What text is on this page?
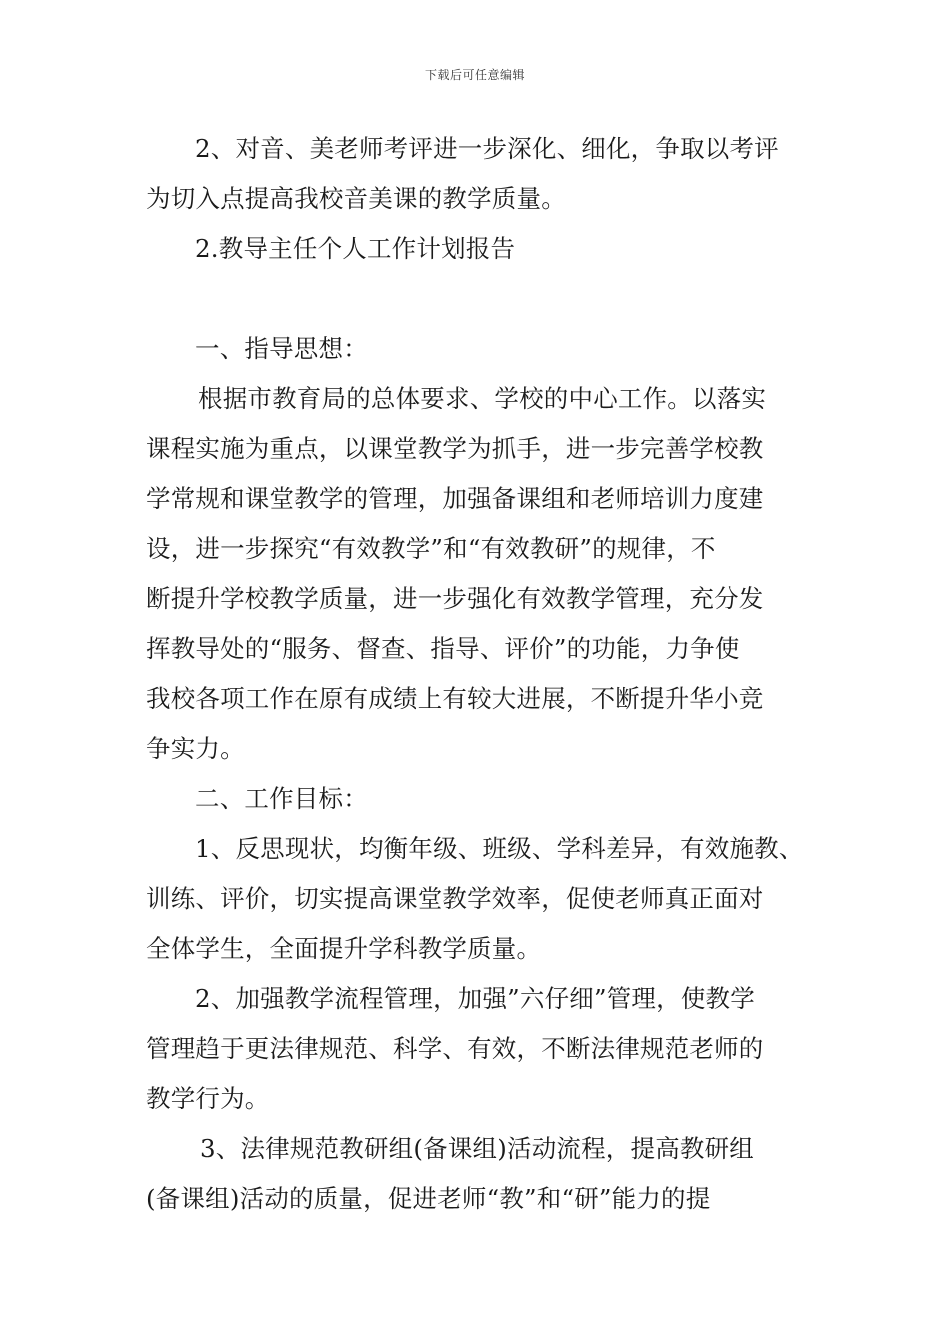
下载后可任意编辑
2、对音、美老师考评进一步深化、细化，争取以考评
为切入点提高我校音美课的教学质量。
2.教导主任个人工作计划报告
一、指导思想：
根据市教育局的总体要求、学校的中心工作。以落实
课程实施为重点，以课堂教学为抓手，进一步完善学校教
学常规和课堂教学的管理，加强备课组和老师培训力度建
设，进一步探究“有效教学”和“有效教研”的规律，不
断提升学校教学质量，进一步强化有效教学管理，充分发
挥教导处的“服务、督查、指导、评价”的功能，力争使
我校各项工作在原有成绩上有较大进展，不断提升华小竞
争实力。
二、工作目标：
1、反思现状，均衡年级、班级、学科差异，有效施教、
训练、评价，切实提高课堂教学效率，促使老师真正面对
全体学生，全面提升学科教学质量。
2、加强教学流程管理，加强”六仔细”管理，使教学
管理趋于更法律规范、科学、有效，不断法律规范老师的
教学行为。
3、法律规范教研组(备课组)活动流程，提高教研组
(备课组)活动的质量，促进老师“教”和“研”能力的提
